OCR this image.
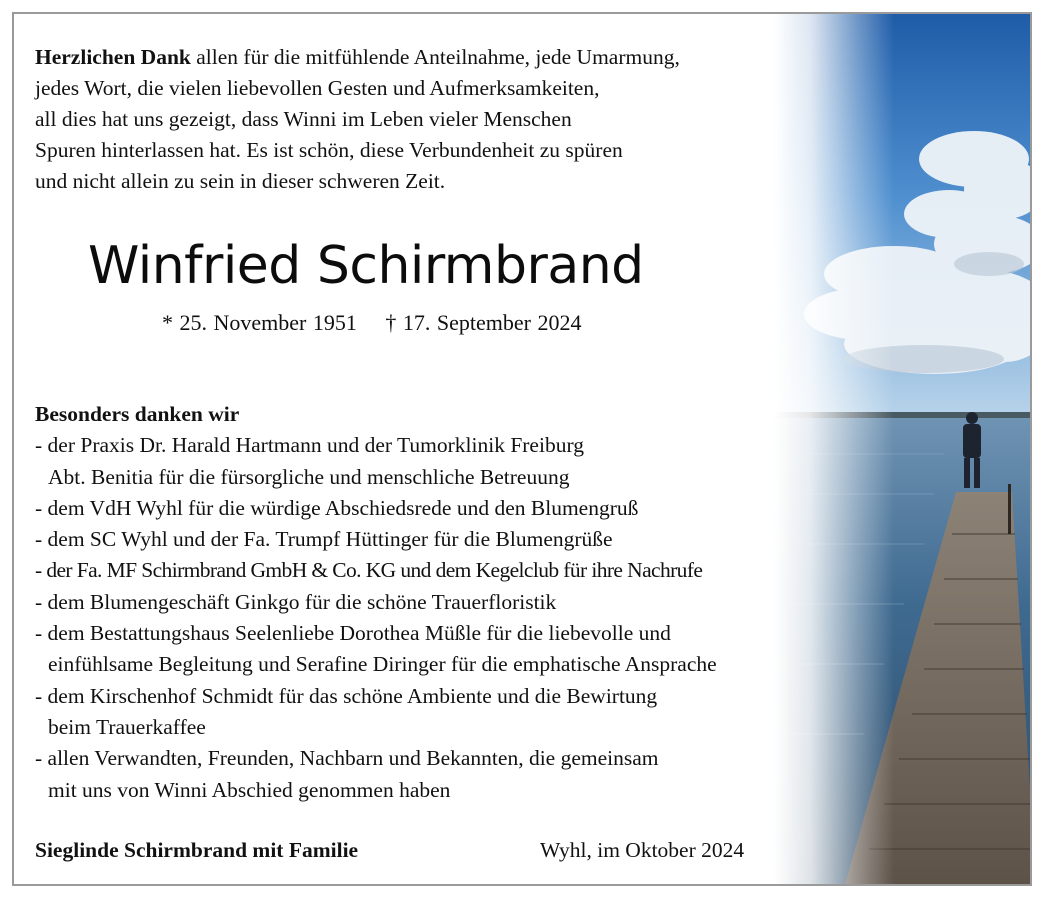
Herzlichen Dank allen für die mitfühlende Anteilnahme, jede Umarmung,

jedes Wort, die vielen liebevollen Gesten und Aufmerksamkeiten,

all dies hat uns gezeigt, dass Winni im Leben vieler Menschen

Spuren hinterlassen hat. Es ist schön, diese Verbundenheit zu spüren

und nicht allein zu sein in dieser schweren Zeit.

Winfried Schirmbrand
* 25. November 1951 † 17. September 2024
Besonders danken wir
- der Praxis Dr. Harald Hartmann und der Tumorklinik Freiburg
Abt. Benitia für die fürsorgliche und menschliche Betreuung
- dem VdH Wyhl für die würdige Abschiedsrede und den Blumengruß
- dem SC Wyhl und der Fa. Trumpf Hüttinger für die Blumengrüße
- der Fa. MF Schirmbrand GmbH & Co. KG und dem Kegelclub für ihre Nachrufe
- dem Blumengeschäft Ginkgo für die schöne Trauerfloristik
- dem Bestattungshaus Seelenliebe Dorothea Müßle für die liebevolle und
einfühlsame Begleitung und Serafine Diringer für die emphatische Ansprache
- dem Kirschenhof Schmidt für das schöne Ambiente und die Bewirtung
beim Trauerkaffee
- allen Verwandten, Freunden, Nachbarn und Bekannten, die gemeinsam
mit uns von Winni Abschied genommen haben
Sieglinde Schirmbrand mit Familie	Wyhl, im Oktober 2024
